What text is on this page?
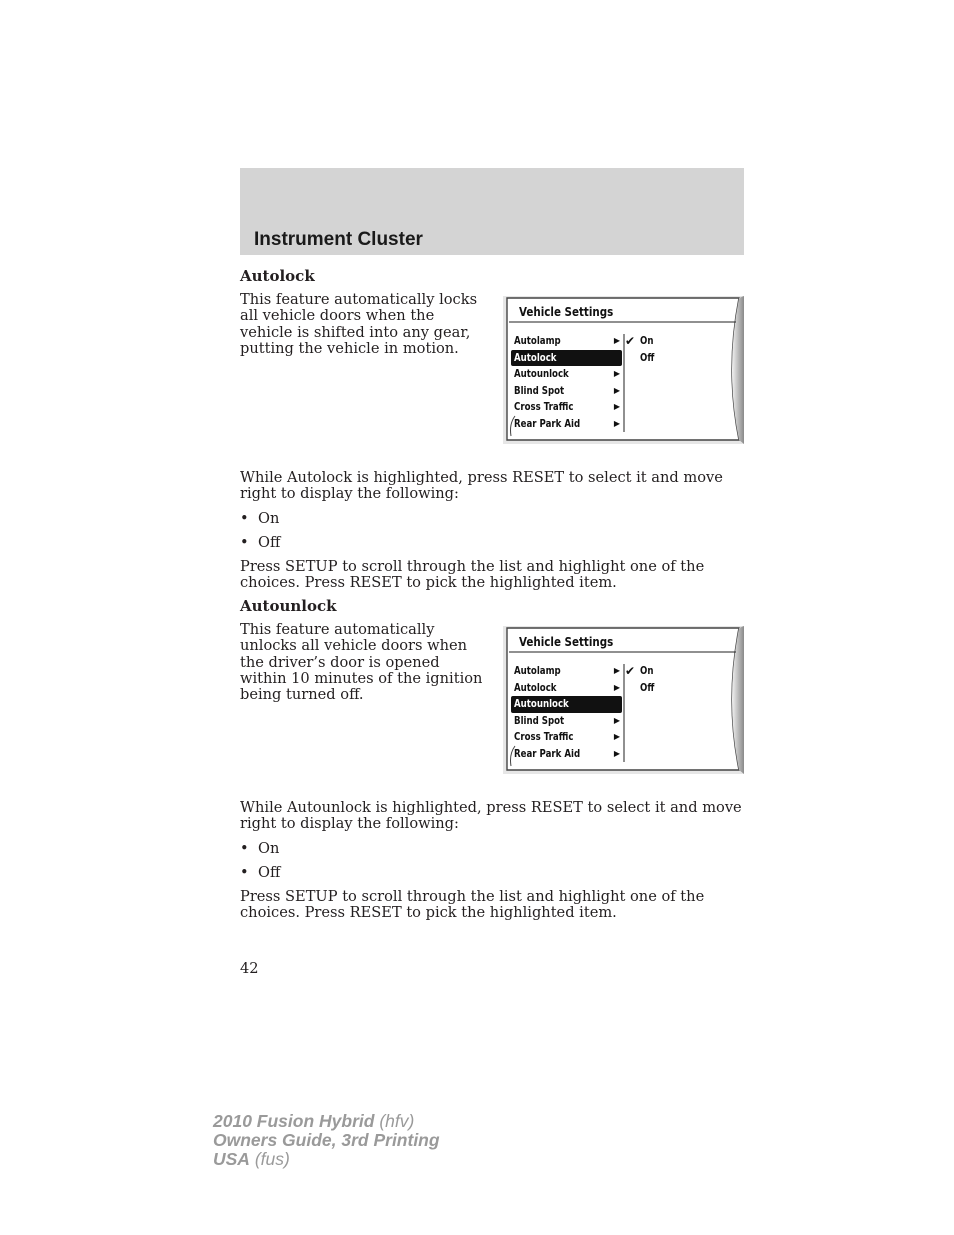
Instrument Cluster
Autolock

This feature automatically locks all vehicle doors when the vehicle is shifted into any gear, putting the vehicle in motion.

Vehicle Settings
Autolamp	▶
Autolock
Autounlock	▶
Blind Spot	▶
Cross Traffic	▶
Rear Park Aid	▶
✔ On
Off

While Autolock is highlighted, press RESET to select it and move right to display the following:

• On
• Off

Press SETUP to scroll through the list and highlight one of the choices. Press RESET to pick the highlighted item.

Autounlock

This feature automatically unlocks all vehicle doors when the driver’s door is opened within 10 minutes of the ignition being turned off.

Vehicle Settings
Autolamp	▶
Autolock	▶
Autounlock
Blind Spot	▶
Cross Traffic	▶
Rear Park Aid	▶
✔ On
Off

While Autounlock is highlighted, press RESET to select it and move right to display the following:

• On
• Off

Press SETUP to scroll through the list and highlight one of the choices. Press RESET to pick the highlighted item.

42
2010 Fusion Hybrid (hfv)
Owners Guide, 3rd Printing
USA (fus)
